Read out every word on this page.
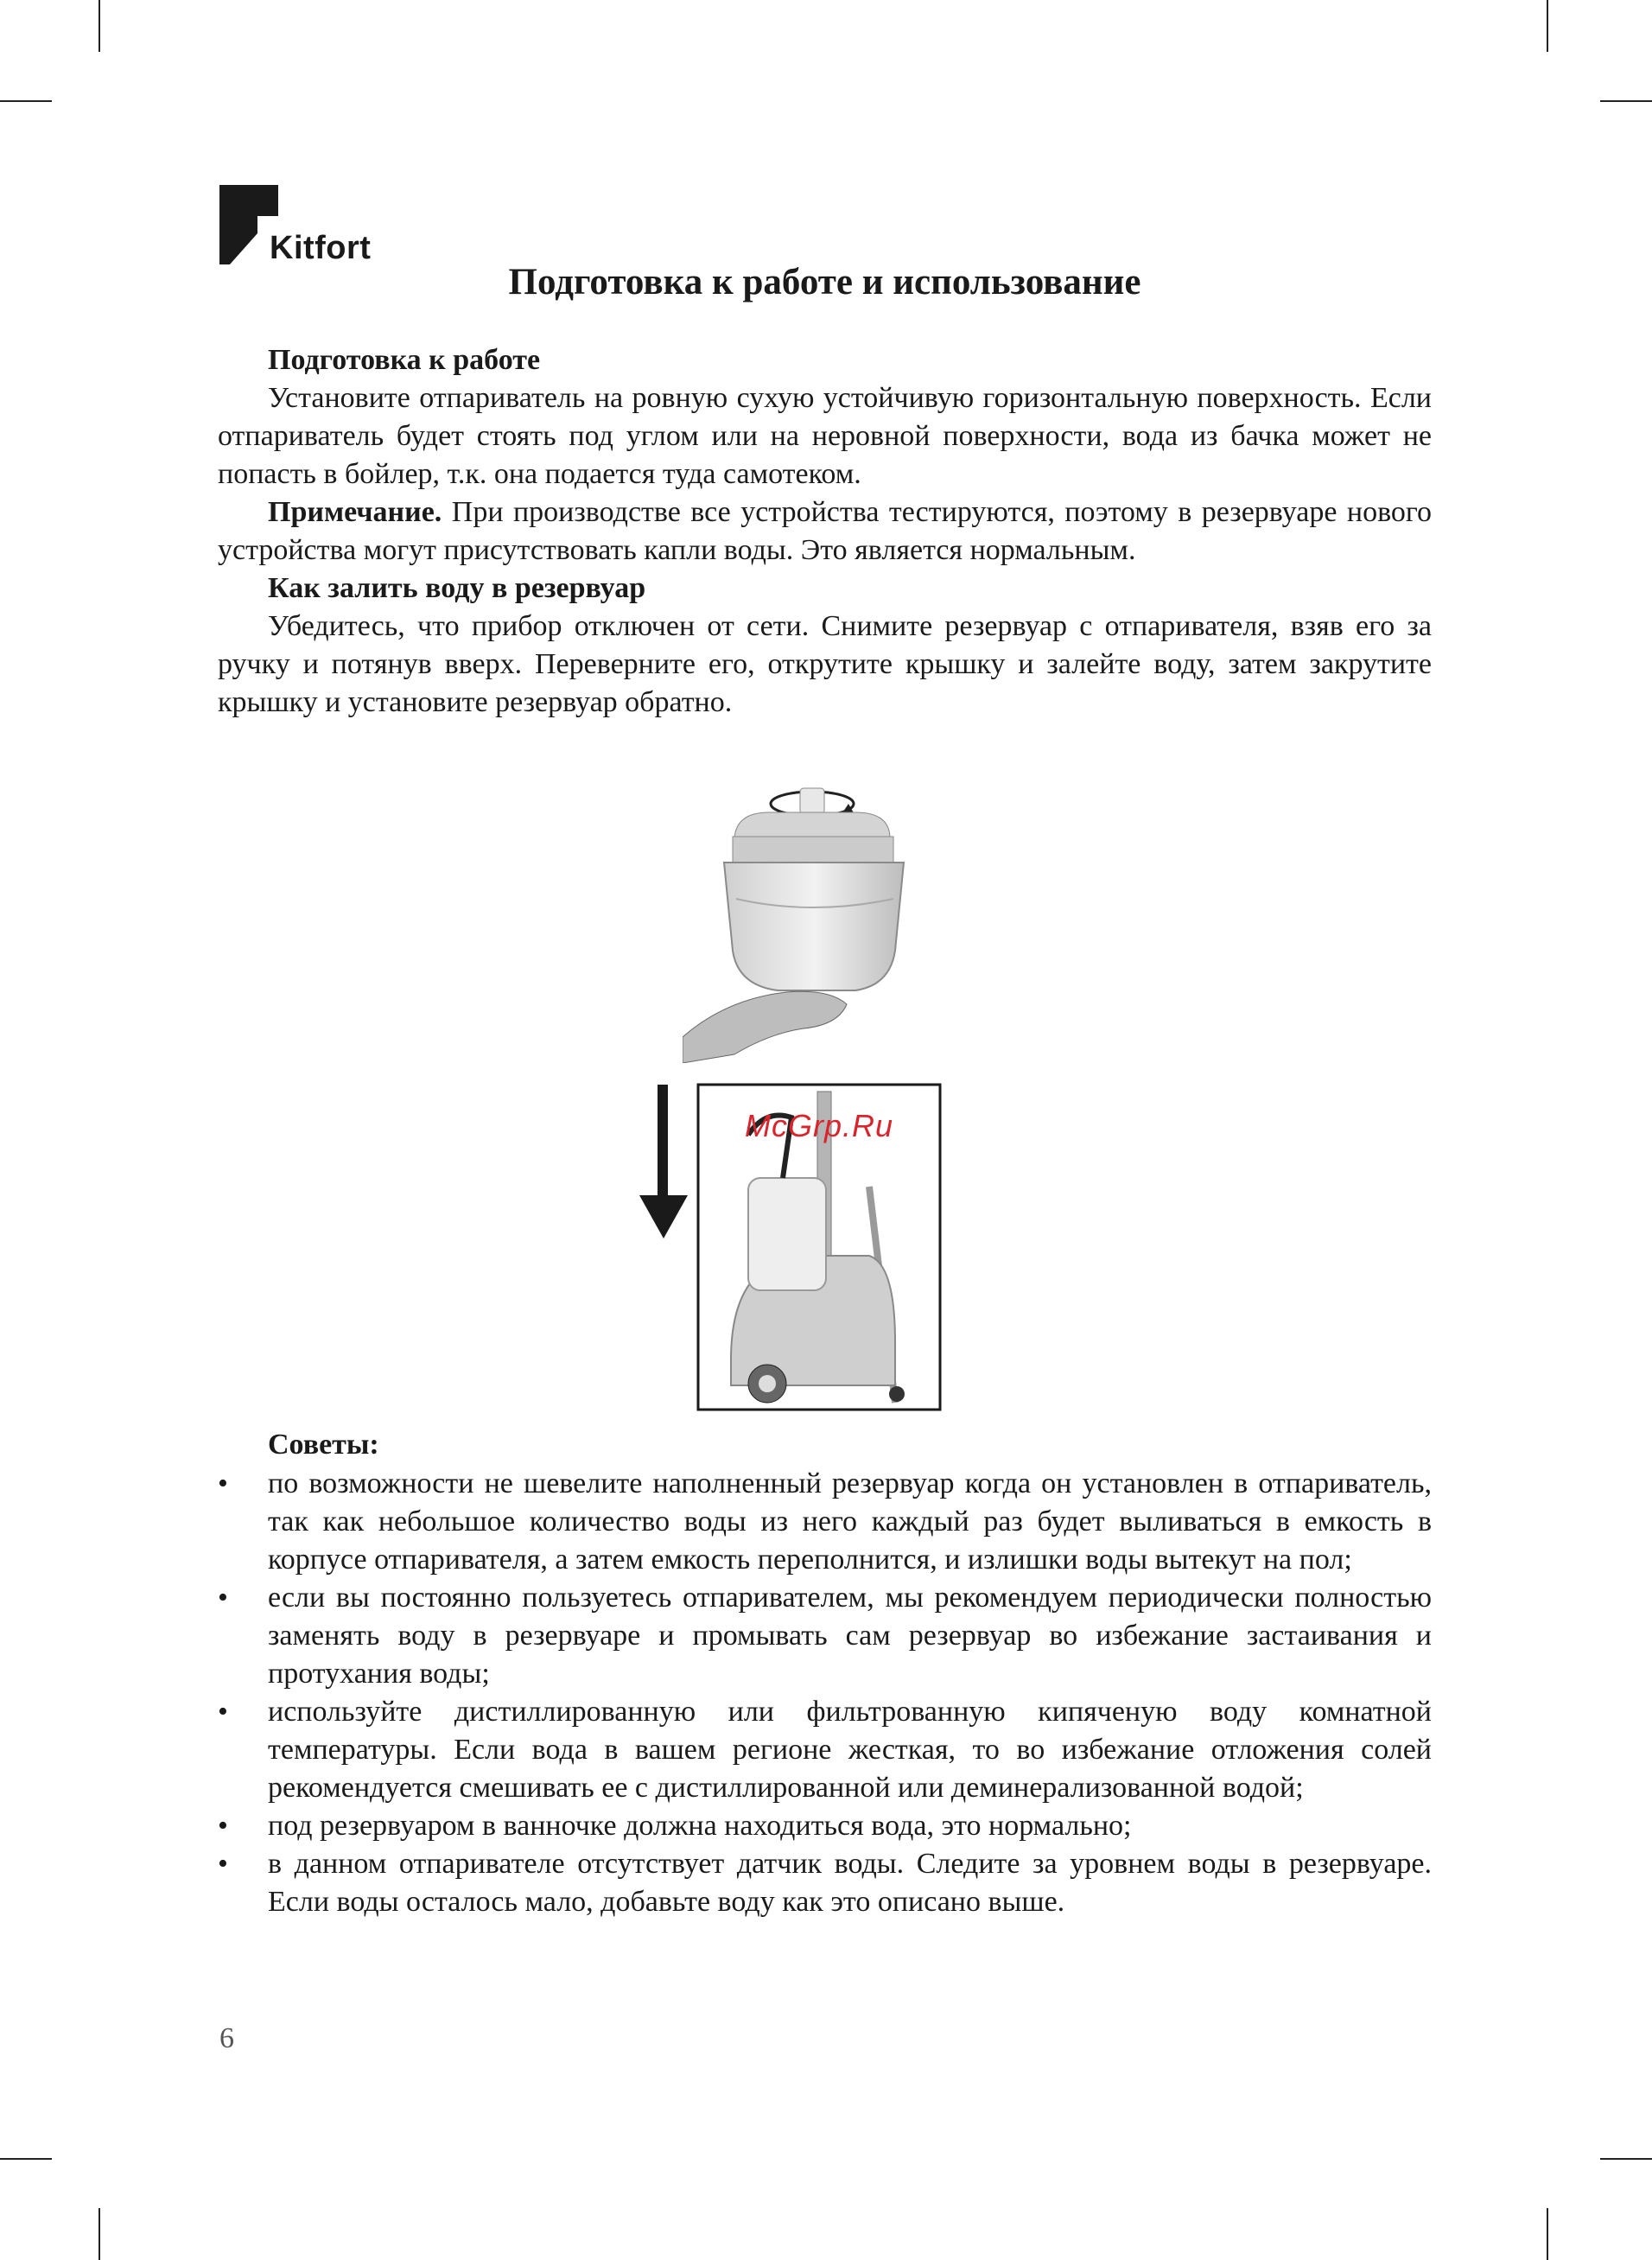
Kitfort
Подготовка к работе и использование

Подготовка к работе

Установите отпариватель на ровную сухую устойчивую горизонтальную поверхность. Если отпариватель будет стоять под углом или на неровной поверхности, вода из бачка может не попасть в бойлер, т.к. она подается туда самотеком.

Примечание. При производстве все устройства тестируются, поэтому в резервуаре нового устройства могут присутствовать капли воды. Это является нормальным.

Как залить воду в резервуар

Убедитесь, что прибор отключен от сети. Снимите резервуар с отпаривателя, взяв его за ручку и потянув вверх. Переверните его, открутите крышку и залейте воду, затем закрутите крышку и установите резервуар обратно.

McGrp.Ru
Советы:
• по возможности не шевелите наполненный резервуар когда он установлен в отпариватель, так как небольшое количество воды из него каждый раз будет выливаться в емкость в корпусе отпаривателя, а затем емкость переполнится, и излишки воды вытекут на пол;
• если вы постоянно пользуетесь отпаривателем, мы рекомендуем периодически полностью заменять воду в резервуаре и промывать сам резервуар во избежание застаивания и протухания воды;
• используйте дистиллированную или фильтрованную кипяченую воду комнатной температуры. Если вода в вашем регионе жесткая, то во избежание отложения солей рекомендуется смешивать ее с дистиллированной или деминерализованной водой;
• под резервуаром в ванночке должна находиться вода, это нормально;
• в данном отпаривателе отсутствует датчик воды. Следите за уровнем воды в резервуаре. Если воды осталось мало, добавьте воду как это описано выше.
6
